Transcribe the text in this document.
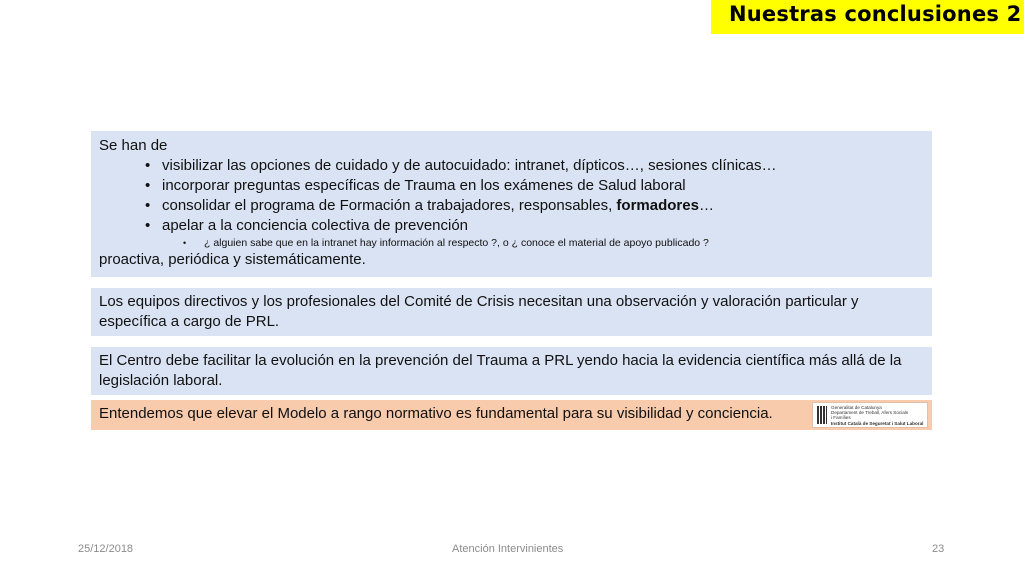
Nuestras conclusiones 2
Se han de
• visibilizar las opciones de cuidado y de autocuidado: intranet, dípticos…, sesiones clínicas…
• incorporar preguntas específicas de Trauma en los exámenes de Salud laboral
• consolidar el programa de Formación a trabajadores, responsables, formadores…
• apelar a la conciencia colectiva de prevención
• ¿ alguien sabe que en la intranet hay información al respecto ?, o ¿ conoce el material de apoyo publicado ?
proactiva, periódica y sistemáticamente.
Los equipos directivos y los profesionales del Comité de Crisis necesitan una observación y valoración particular y específica a cargo de PRL.
El Centro debe facilitar la evolución en la prevención del Trauma a PRL yendo hacia la evidencia científica más allá de la legislación laboral.
Entendemos que elevar el Modelo a rango normativo es fundamental para su visibilidad y conciencia.	Generalitat de Catalunya
Departament de Treball, Afers Socials
i Famílies
Institut Català de Seguretat i Salut Laboral
25/12/2018	Atención Intervinientes	23
